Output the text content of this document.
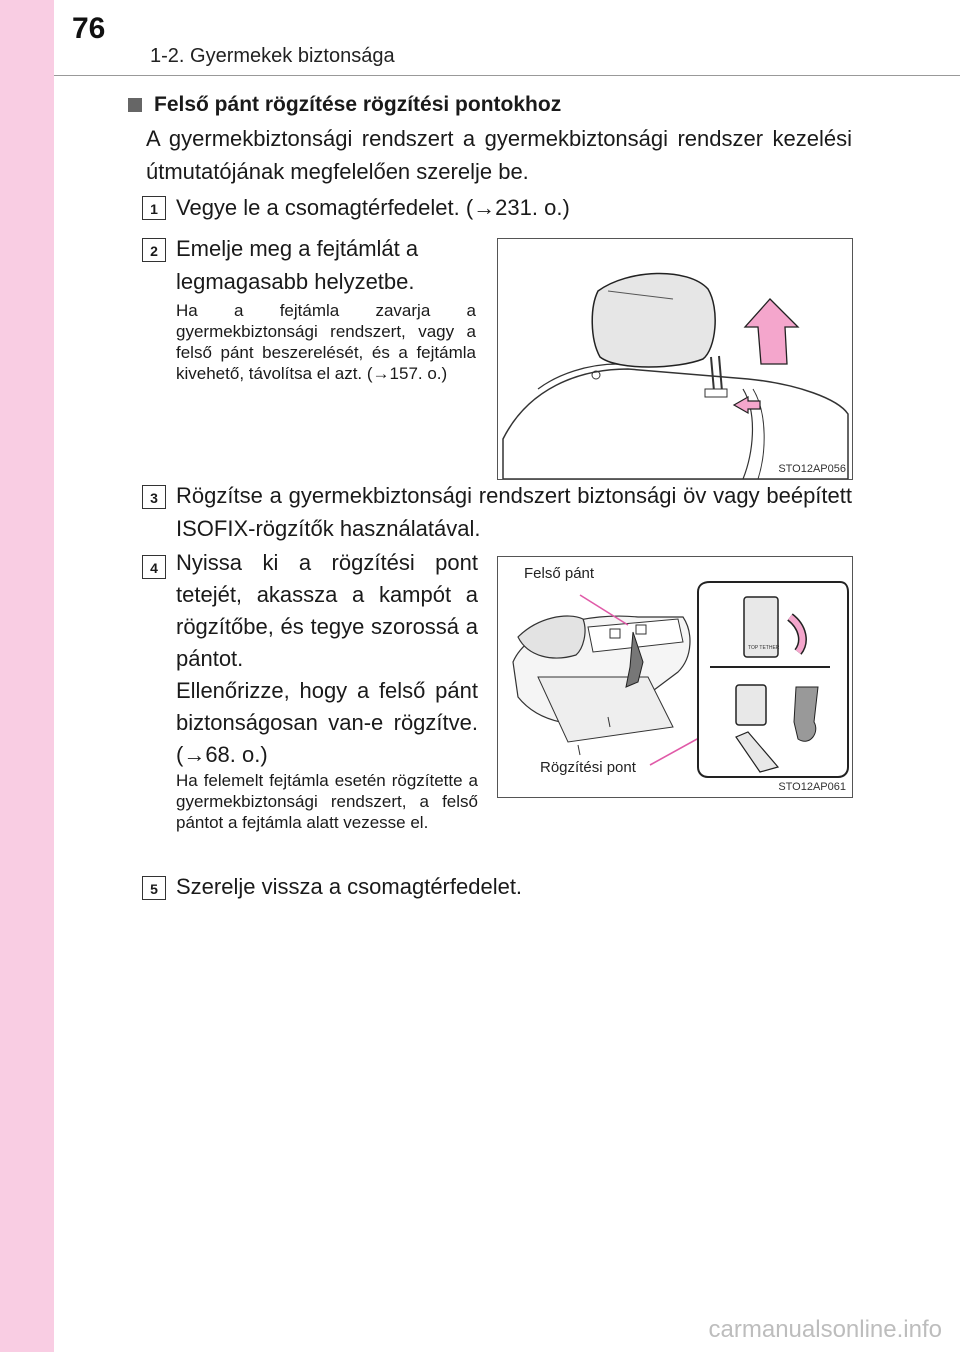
76
1-2. Gyermekek biztonsága
Felső pánt rögzítése rögzítési pontokhoz
A gyermekbiztonsági rendszert a gyermekbiztonsági rendszer kezelési útmutatójának megfelelően szerelje be.
1 Vegye le a csomagtérfedelet. (→231. o.)
2 Emelje meg a fejtámlát a legmagasabb helyzetbe.
Ha a fejtámla zavarja a gyermekbiztonsági rendszert, vagy a felső pánt beszerelését, és a fejtámla kivehető, távolítsa el azt. (→157. o.)
STO12AP056
3 Rögzítse a gyermekbiztonsági rendszert biztonsági öv vagy beépített ISOFIX-rögzítők használatával.
4 Nyissa ki a rögzítési pont tetejét, akassza a kampót a rögzítőbe, és tegye szorossá a pántot.
Ellenőrizze, hogy a felső pánt biztonságosan van-e rögzítve. (→68. o.)
Ha felemelt fejtámla esetén rögzítette a gyermekbiztonsági rendszert, a felső pántot a fejtámla alatt vezesse el.
TOP TETHER
Felső pánt
Rögzítési pont
STO12AP061
5 Szerelje vissza a csomagtérfedelet.
carmanualsonline.info
